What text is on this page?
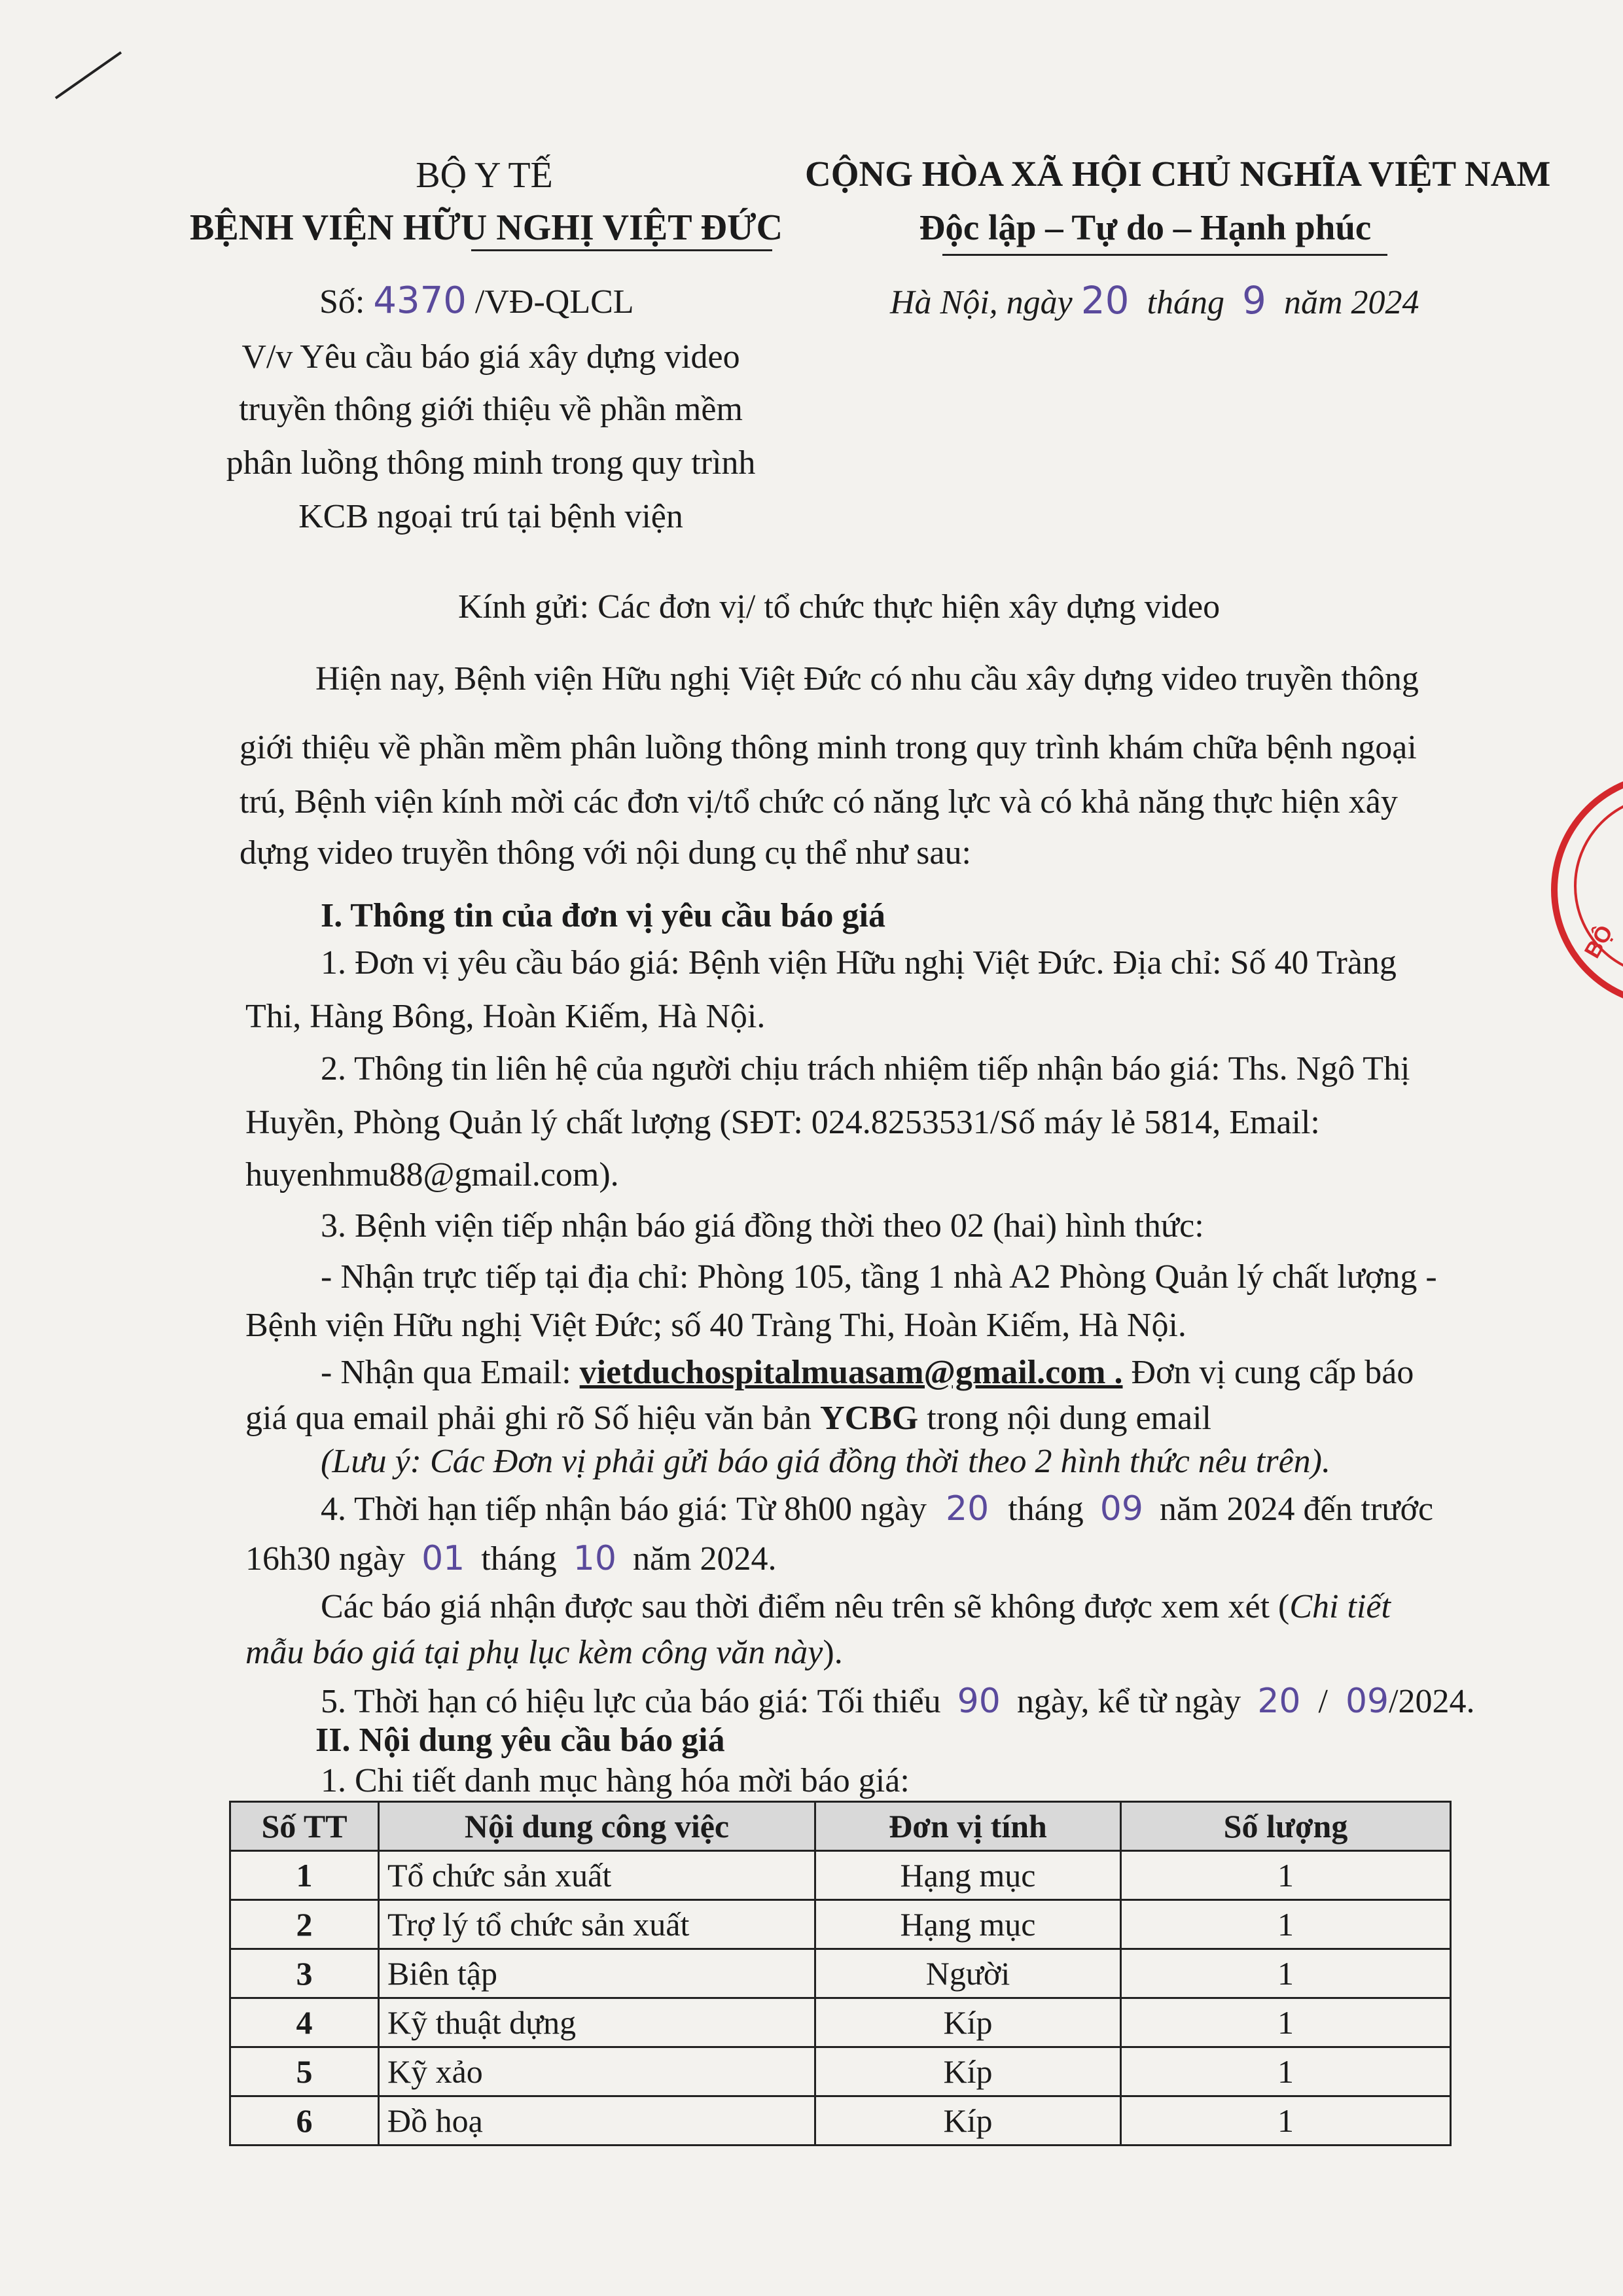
BỘ Y TẾ
BỆNH VIỆN HỮU NGHỊ VIỆT ĐỨC
Số: 4370 /VĐ-QLCL
V/v Yêu cầu báo giá xây dựng video
truyền thông giới thiệu về phần mềm
phân luồng thông minh trong quy trình
KCB ngoại trú tại bệnh viện
CỘNG HÒA XÃ HỘI CHỦ NGHĨA VIỆT NAM
Độc lập – Tự do – Hạnh phúc
Hà Nội, ngày 20 tháng 9 năm 2024
Kính gửi: Các đơn vị/ tổ chức thực hiện xây dựng video
Hiện nay, Bệnh viện Hữu nghị Việt Đức có nhu cầu xây dựng video truyền thông
giới thiệu về phần mềm phân luồng thông minh trong quy trình khám chữa bệnh ngoại
trú, Bệnh viện kính mời các đơn vị/tổ chức có năng lực và có khả năng thực hiện xây
dựng video truyền thông với nội dung cụ thể như sau:
I. Thông tin của đơn vị yêu cầu báo giá
1. Đơn vị yêu cầu báo giá: Bệnh viện Hữu nghị Việt Đức. Địa chỉ: Số 40 Tràng
Thi, Hàng Bông, Hoàn Kiếm, Hà Nội.
2. Thông tin liên hệ của người chịu trách nhiệm tiếp nhận báo giá: Ths. Ngô Thị
Huyền, Phòng Quản lý chất lượng (SĐT: 024.8253531/Số máy lẻ 5814, Email:
huyenhmu88@gmail.com).
3. Bệnh viện tiếp nhận báo giá đồng thời theo 02 (hai) hình thức:
- Nhận trực tiếp tại địa chỉ: Phòng 105, tầng 1 nhà A2 Phòng Quản lý chất lượng -
Bệnh viện Hữu nghị Việt Đức; số 40 Tràng Thi, Hoàn Kiếm, Hà Nội.
- Nhận qua Email: vietduchospitalmuasam@gmail.com . Đơn vị cung cấp báo
giá qua email phải ghi rõ Số hiệu văn bản YCBG trong nội dung email
(Lưu ý: Các Đơn vị phải gửi báo giá đồng thời theo 2 hình thức nêu trên).
4. Thời hạn tiếp nhận báo giá: Từ 8h00 ngày 20 tháng 09 năm 2024 đến trước
16h30 ngày 01 tháng 10 năm 2024.
Các báo giá nhận được sau thời điểm nêu trên sẽ không được xem xét (Chi tiết
mẫu báo giá tại phụ lục kèm công văn này).
5. Thời hạn có hiệu lực của báo giá: Tối thiểu 90 ngày, kể từ ngày 20 / 09/2024.
II. Nội dung yêu cầu báo giá
1. Chi tiết danh mục hàng hóa mời báo giá:
Số TT	Nội dung công việc	Đơn vị tính	Số lượng
1	Tổ chức sản xuất	Hạng mục	1
2	Trợ lý tổ chức sản xuất	Hạng mục	1
3	Biên tập	Người	1
4	Kỹ thuật dựng	Kíp	1
5	Kỹ xảo	Kíp	1
6	Đồ hoạ	Kíp	1
BỘ
